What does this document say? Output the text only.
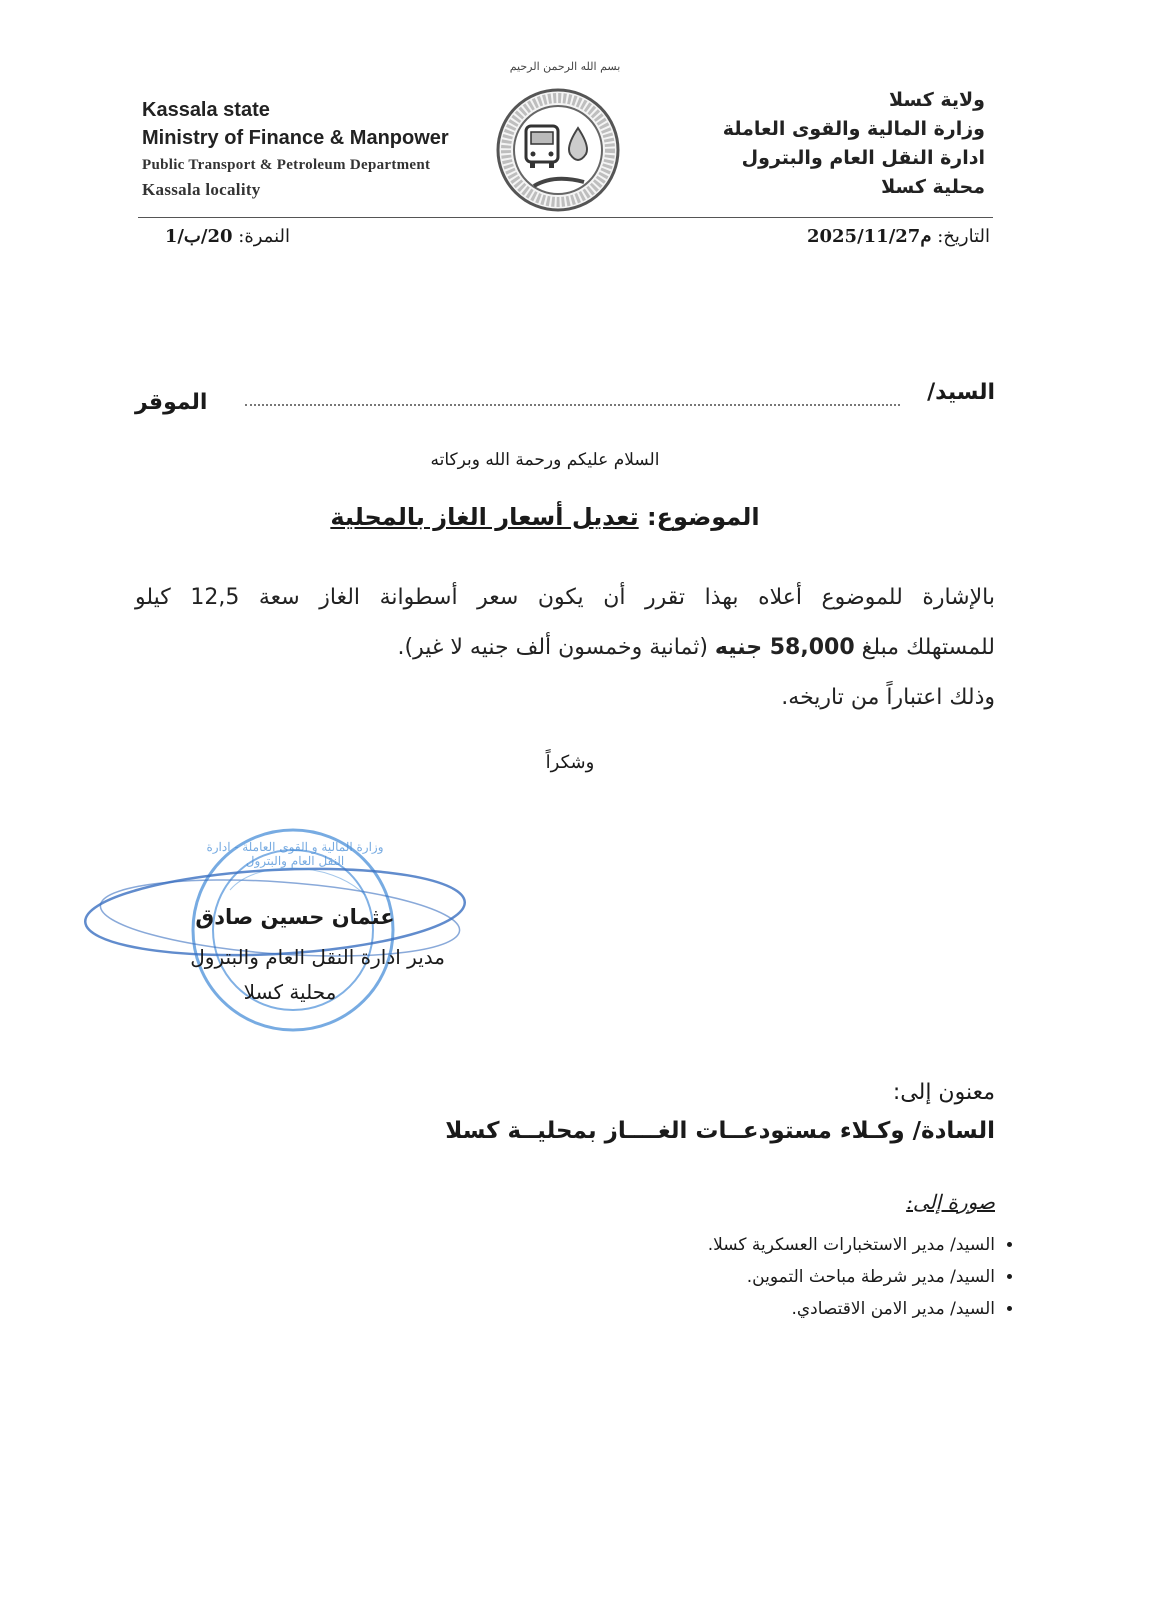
بسم الله الرحمن الرحيم
Kassala state
Ministry of Finance & Manpower
Public Transport & Petroleum Department
Kassala locality
ولاية كسلا
وزارة المالية والقوى العاملة
ادارة النقل العام والبترول
محلية كسلا
التاريخ: 2025/11/27م
النمرة: 20/ب/1
السيد/
الموقر
السلام عليكم ورحمة الله وبركاته
الموضوع: تعديل أسعار الغاز بالمحلية
بالإشارة للموضوع أعلاه بهذا تقرر أن يكون سعر أسطوانة الغاز سعة 12,5 كيلو
للمستهلك مبلغ 58,000 جنيه (ثمانية وخمسون ألف جنيه لا غير).
وذلك اعتباراً من تاريخه.
وشكراً
وزارة المالية و القوى العاملة - ادارة النقل العام والبترول
عثمان حسين صادق
مدير ادارة النقل العام والبترول
محلية كسلا
معنون إلى:
السادة/ وكـلاء مستودعــات الغــــاز بمحليــة كسلا
صورة إلى:
• السيد/ مدير الاستخبارات العسكرية كسلا.
• السيد/ مدير شرطة مباحث التموين.
• السيد/ مدير الامن الاقتصادي.
